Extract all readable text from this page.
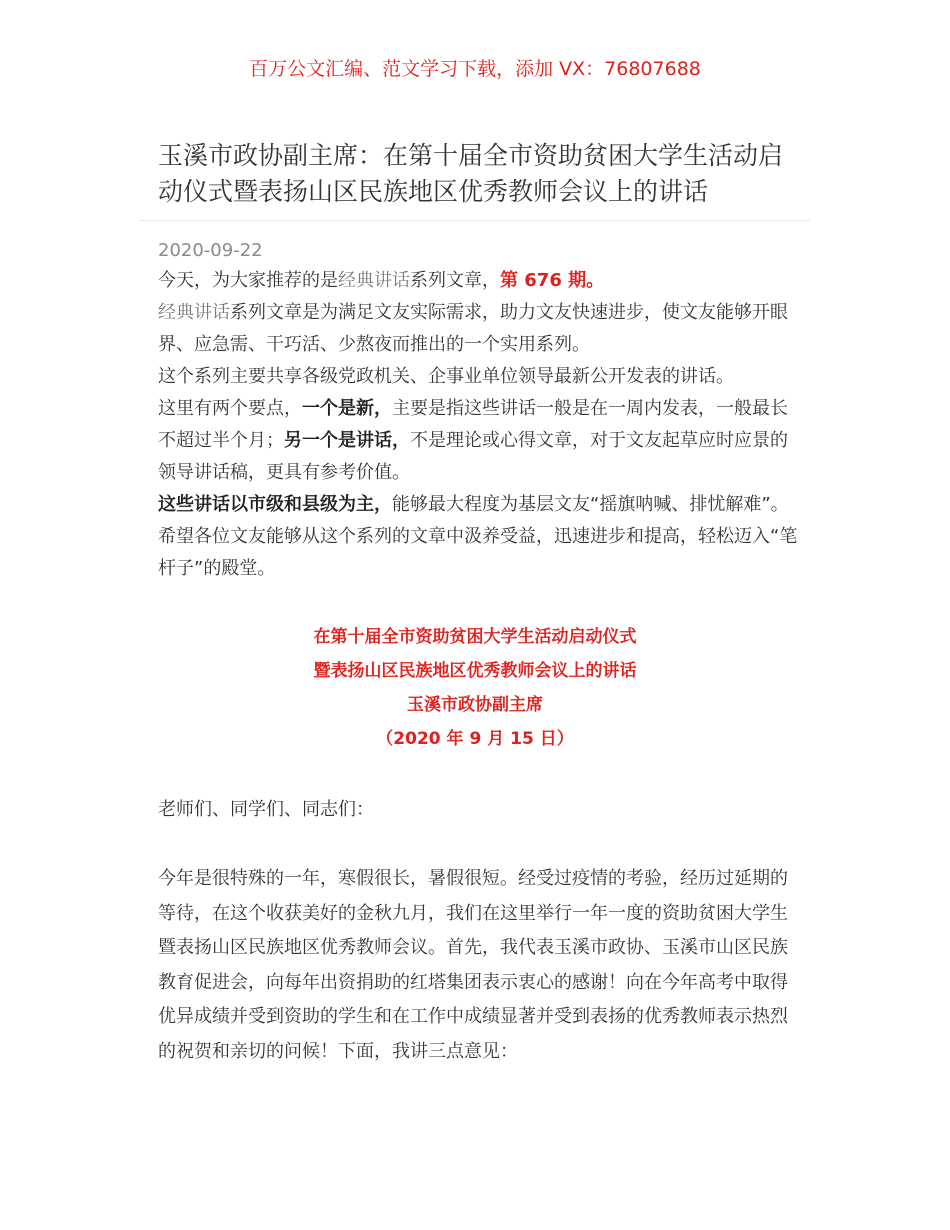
百万公文汇编、范文学习下载，添加 VX：76807688
玉溪市政协副主席：在第十届全市资助贫困大学生活动启动仪式暨表扬山区民族地区优秀教师会议上的讲话
2020-09-22

今天，为大家推荐的是经典讲话系列文章，第 676 期。

经典讲话系列文章是为满足文友实际需求，助力文友快速进步，使文友能够开眼界、应急需、干巧活、少熬夜而推出的一个实用系列。

这个系列主要共享各级党政机关、企事业单位领导最新公开发表的讲话。

这里有两个要点，一个是新，主要是指这些讲话一般是在一周内发表，一般最长不超过半个月；另一个是讲话，不是理论或心得文章，对于文友起草应时应景的领导讲话稿，更具有参考价值。

这些讲话以市级和县级为主，能够最大程度为基层文友“摇旗呐喊、排忧解难”。希望各位文友能够从这个系列的文章中汲养受益，迅速进步和提高，轻松迈入“笔杆子”的殿堂。

在第十届全市资助贫困大学生活动启动仪式
暨表扬山区民族地区优秀教师会议上的讲话
玉溪市政协副主席
（2020 年 9 月 15 日）
老师们、同学们、同志们：

今年是很特殊的一年，寒假很长，暑假很短。经受过疫情的考验，经历过延期的等待，在这个收获美好的金秋九月，我们在这里举行一年一度的资助贫困大学生暨表扬山区民族地区优秀教师会议。首先，我代表玉溪市政协、玉溪市山区民族教育促进会，向每年出资捐助的红塔集团表示衷心的感谢！向在今年高考中取得优异成绩并受到资助的学生和在工作中成绩显著并受到表扬的优秀教师表示热烈的祝贺和亲切的问候！下面，我讲三点意见：
